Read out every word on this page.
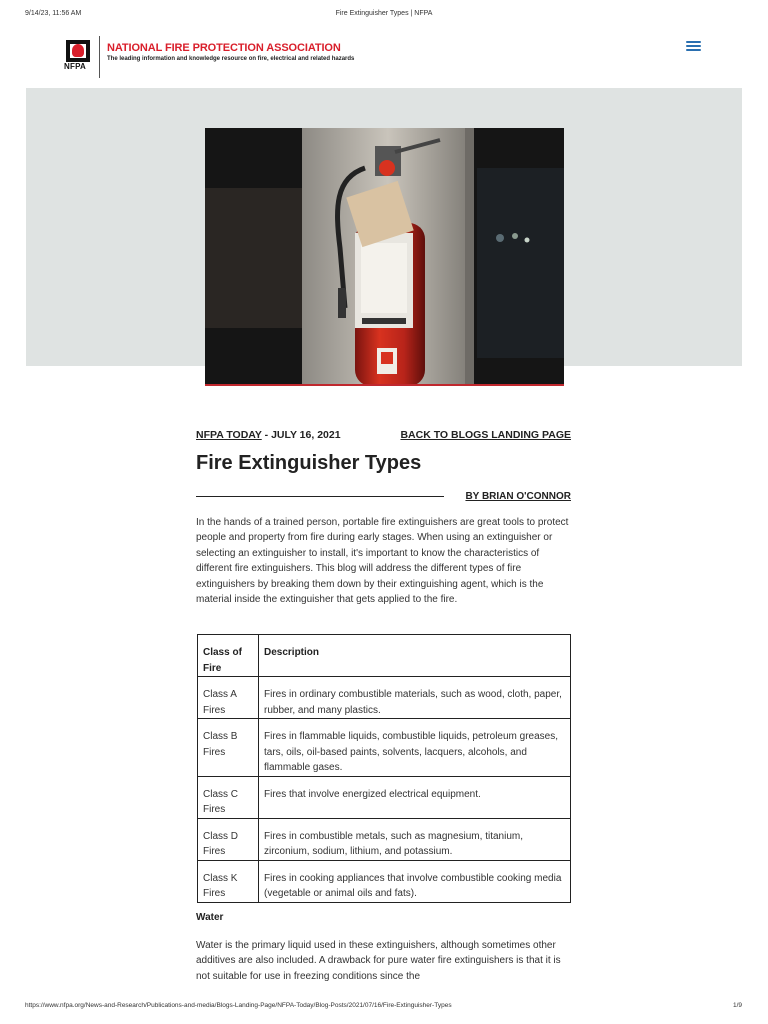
9/14/23, 11:56 AM	Fire Extinguisher Types | NFPA
NFPA
NATIONAL FIRE PROTECTION ASSOCIATION
The leading information and knowledge resource on fire, electrical and related hazards
NFPA TODAY - JULY 16, 2021	BACK TO BLOGS LANDING PAGE
Fire Extinguisher Types
BY BRIAN O'CONNOR

In the hands of a trained person, portable fire extinguishers are great tools to protect people and property from fire during early stages. When using an extinguisher or selecting an extinguisher to install, it's important to know the characteristics of different fire extinguishers. This blog will address the different types of fire extinguishers by breaking them down by their extinguishing agent, which is the material inside the extinguisher that gets applied to the fire.

Class of Fire	Description
Class A Fires	Fires in ordinary combustible materials, such as wood, cloth, paper, rubber, and many plastics.
Class B Fires	Fires in flammable liquids, combustible liquids, petroleum greases, tars, oils, oil-based paints, solvents, lacquers, alcohols, and flammable gases.
Class C Fires	Fires that involve energized electrical equipment.
Class D Fires	Fires in combustible metals, such as magnesium, titanium, zirconium, sodium, lithium, and potassium.
Class K Fires	Fires in cooking appliances that involve combustible cooking media (vegetable or animal oils and fats).
Water

Water is the primary liquid used in these extinguishers, although sometimes other additives are also included. A drawback for pure water fire extinguishers is that it is not suitable for use in freezing conditions since the

https://www.nfpa.org/News-and-Research/Publications-and-media/Blogs-Landing-Page/NFPA-Today/Blog-Posts/2021/07/16/Fire-Extinguisher-Types	1/9
